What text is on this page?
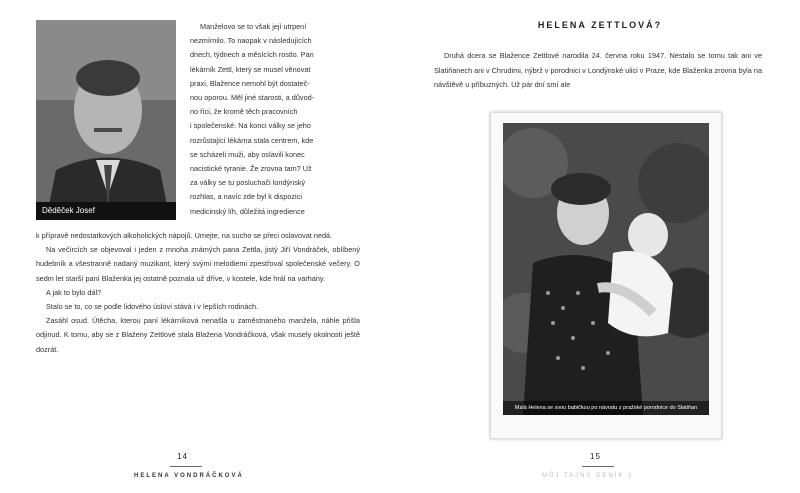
Děděček Josef

Manželovo se to však její utrpení

nezmírnilo. To naopak v následujících

dnech, týdnech a měsících rostlo. Pan

lékárník Zettl, který se musel věnovat

praxi, Blažence nemohl být dostateč-

nou oporou. Měl jiné starosti, a důvod-

no říci, že kromě těch pracovních

i společenské. Na konci války se jeho

rozrůstající lékárna stala centrem, kde

se scházeli muži, aby oslavili konec

nacistické tyranie. Že zrovna tam? Už

za války se tu posluchači londýnský

rozhlas, a navíc zde byl k dispozici

medicinský líh, důležitá ingredience

k přípravě nedostatkových alkoholických nápojů. Umejte, na sucho se přeci oslavovat nedá.

Na večírcích se objevoval i jeden z mnoha známých pana Zettla, jistý Jiří Vondráček, oblíbený hudebník a všestranně nadaný muzikant, který svými melodiemi zpestřoval společenské večery. O sedm let starší paní Blaženka jej ostatně poznala už dříve, v kostele, kde hrál na varhany.

A jak to bylo dál?

Stalo se to, co se podle lidového úsloví stává i v lepších rodinách.

Zasáhl osud. Útěcha, kterou paní lékárníková nenašla u zaměstnaného manžela, náhle přišla odjinud. K tomu, aby se z Blaženy Zettlové stala Blažena Vondráčková, však musely okolnosti ještě dozrát.

14
HELENA VONDRÁČKOVÁ
HELENA ZETTLOVÁ?

Druhá dcera se Blažence Zettlové narodila 24. června roku 1947. Nestalo se tomu tak ani ve Slatiňanech ani v Chrudimi, nýbrž v porodnici v Londýnské ulici v Praze, kde Blaženka zrovna byla na návštěvě u příbuzných. Už pár dní smí ale

Malá Helena se svou babičkou po návratu z pražské porodnice do Slatiňan
15
MŮJ TAJNÝ DENÍK 2
